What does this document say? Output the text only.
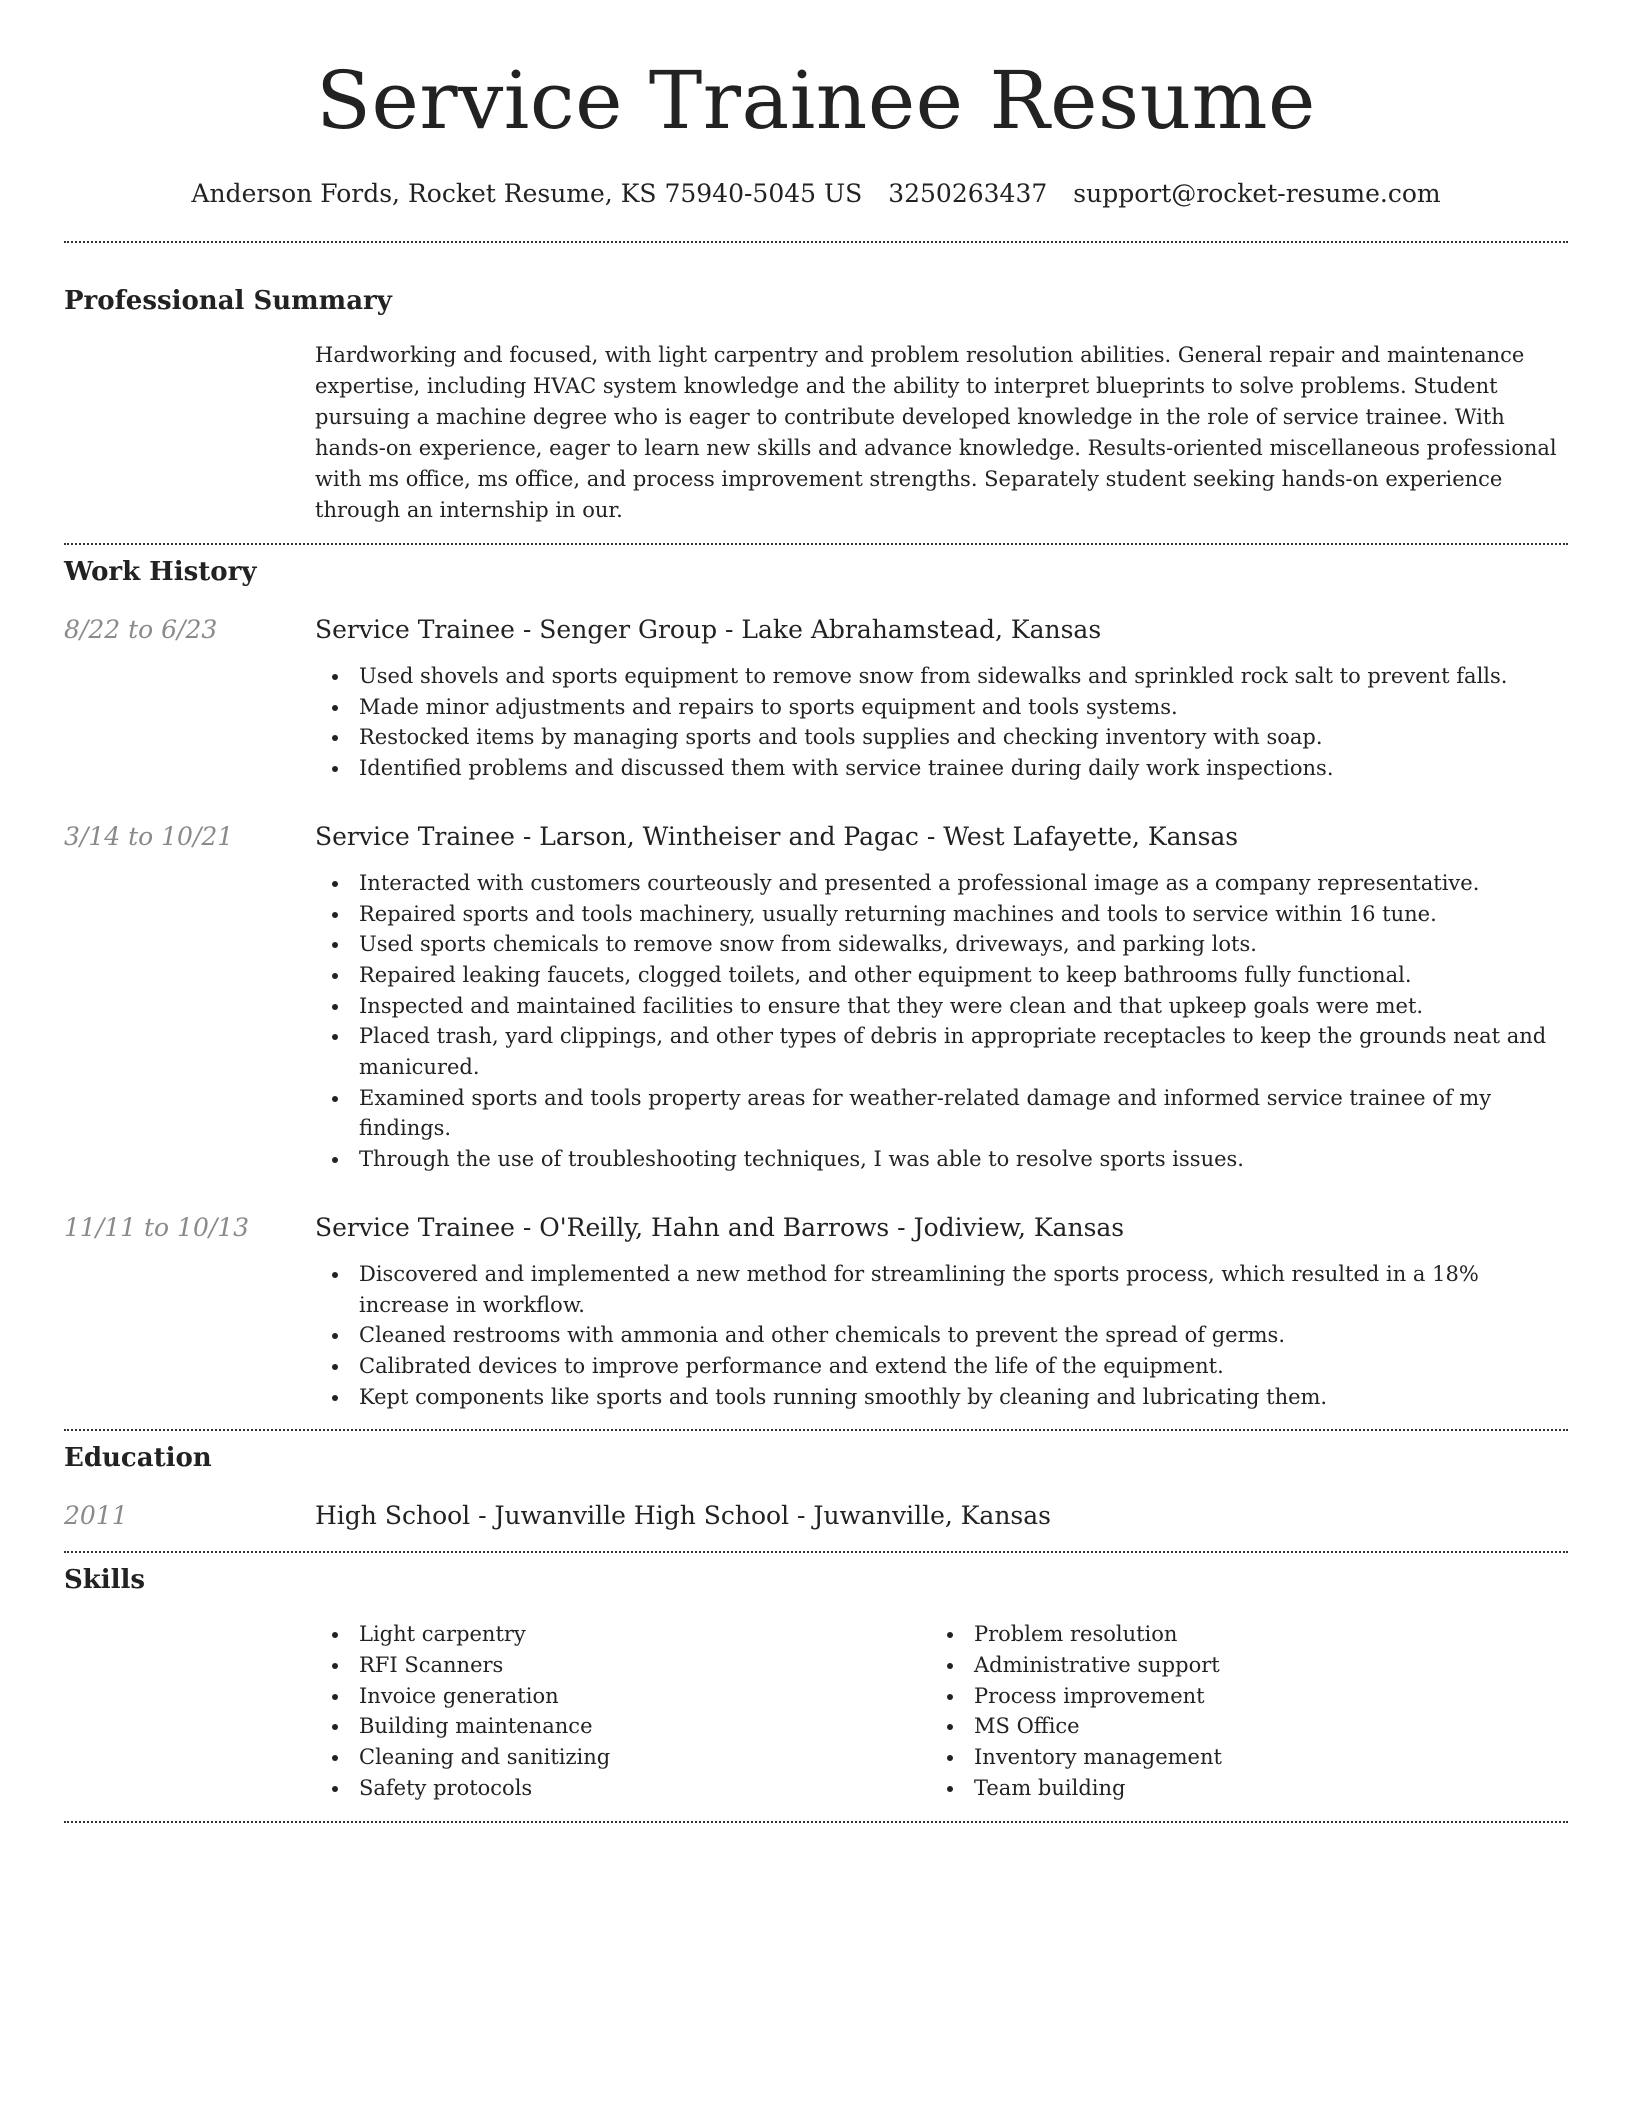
Service Trainee Resume
Anderson Fords, Rocket Resume, KS 75940-5045 US 3250263437 support@rocket-resume.com
Professional Summary
Hardworking and focused, with light carpentry and problem resolution abilities. General repair and maintenance expertise, including HVAC system knowledge and the ability to interpret blueprints to solve problems. Student pursuing a machine degree who is eager to contribute developed knowledge in the role of service trainee. With hands-on experience, eager to learn new skills and advance knowledge. Results-oriented miscellaneous professional with ms office, ms office, and process improvement strengths. Separately student seeking hands-on experience through an internship in our.
Work History
8/22 to 6/23	Service Trainee - Senger Group - Lake Abrahamstead, Kansas
Used shovels and sports equipment to remove snow from sidewalks and sprinkled rock salt to prevent falls.
Made minor adjustments and repairs to sports equipment and tools systems.
Restocked items by managing sports and tools supplies and checking inventory with soap.
Identified problems and discussed them with service trainee during daily work inspections.
3/14 to 10/21	Service Trainee - Larson, Wintheiser and Pagac - West Lafayette, Kansas
Interacted with customers courteously and presented a professional image as a company representative.
Repaired sports and tools machinery, usually returning machines and tools to service within 16 tune.
Used sports chemicals to remove snow from sidewalks, driveways, and parking lots.
Repaired leaking faucets, clogged toilets, and other equipment to keep bathrooms fully functional.
Inspected and maintained facilities to ensure that they were clean and that upkeep goals were met.
Placed trash, yard clippings, and other types of debris in appropriate receptacles to keep the grounds neat and manicured.
Examined sports and tools property areas for weather-related damage and informed service trainee of my findings.
Through the use of troubleshooting techniques, I was able to resolve sports issues.
11/11 to 10/13	Service Trainee - O'Reilly, Hahn and Barrows - Jodiview, Kansas
Discovered and implemented a new method for streamlining the sports process, which resulted in a 18% increase in workflow.
Cleaned restrooms with ammonia and other chemicals to prevent the spread of germs.
Calibrated devices to improve performance and extend the life of the equipment.
Kept components like sports and tools running smoothly by cleaning and lubricating them.
Education
2011	High School - Juwanville High School - Juwanville, Kansas
Skills
Light carpentry
RFI Scanners
Invoice generation
Building maintenance
Cleaning and sanitizing
Safety protocols
Problem resolution
Administrative support
Process improvement
MS Office
Inventory management
Team building
